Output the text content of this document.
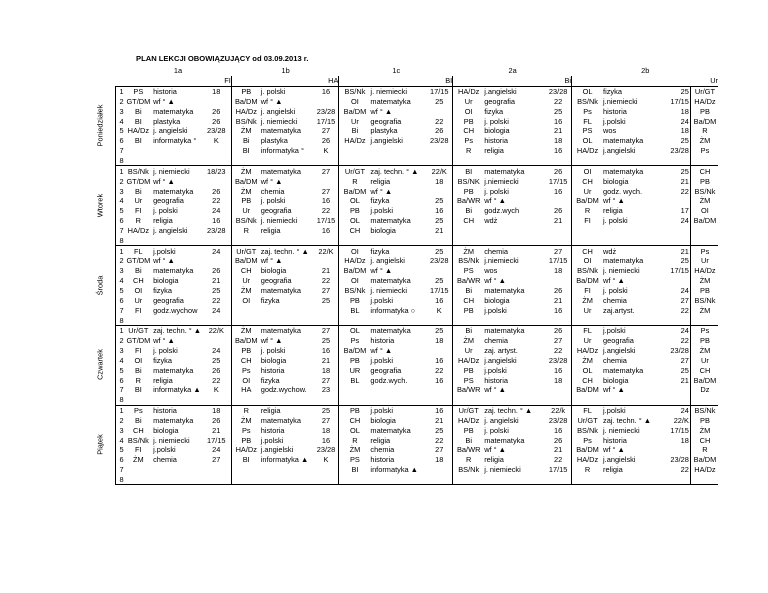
PLAN LEKCJI OBOWIĄZUJĄCY od 03.09.2013 r.
	1a			1b			1c			2a			2b			
	FI			HA			BI			Bi			Ur			
1	PS	historia	18	PB	j. polski	16	BS/Nk	j. niemiecki	17/15	HA/Dz	j.angielski	23/28	OL	fizyka	25	Ur/GT
2	GT/DM	wf ° ▲		Ba/DM	wf ° ▲		OI	matematyka	25	Ur	geografia	22	BS/Nk	j.niemiecki	17/15	HA/Dz
3	Bi	matematyka	26	HA/Dz	j. angielski	23/28	Ba/DM	wf ° ▲		OI	fizyka	25	Ps	historia	18	PB
4	BI	plastyka	26	BS/Nk	j. niemiecki	17/15	Ur	geografia	22	PB	j. polski	16	FL	j.polski	24	Ba/DM
5	HA/Dz	j. angielski	23/28	ŻM	matematyka	27	Bi	plastyka	26	CH	biologia	21	PS	wos	18	R
6	BI	informatyka °	K	Bi	plastyka	26	HA/Dz	j.angielski	23/28	Ps	historia	18	OL	matematyka	25	ŻM
7				BI	informatyka °	K				R	religia	16	HA/Dz	j.angielski	23/28	Ps
8																
1	BS/Nk	j. niemiecki	18/23	ŻM	matematyka	27	Ur/GT	zaj. techn. ° ▲	22/K	BI	matematyka	26	OI	matematyka	25	CH
2	GT/DM	wf ° ▲		Ba/DM	wf ° ▲		R	religia	18	BS/NK	j.niemiecki	17/15	CH	biologia	21	PB
3	Bi	matematyka	26	ŻM	chemia	27	Ba/DM	wf ° ▲		PB	j. polski	16	Ur	godz. wych.	22	BS/Nk
4	Ur	geografia	22	PB	j. polski	16	OL	fizyka	25	Ba/WR	wf ° ▲		Ba/DM	wf ° ▲		ŻM
5	FI	j. polski	24	Ur	geografia	22	PB	j.polski	16	Bi	godz.wych	26	R	religia	17	OI
6	R	religia	16	BS/Nk	j. niemiecki	17/15	OL	matematyka	25	CH	wdż	21	FI	j. polski	24	Ba/DM
7	HA/Dz	j. angielski	23/28	R	religia	16	CH	biologia	21							
8																
1	FL	j.polski	24	Ur/GT	zaj. techn. ° ▲	22/K	OI	fizyka	25	ŻM	chemia	27	CH	wdż	21	Ps
2	GT/DM	wf ° ▲		Ba/DM	wf ° ▲		HA/Dz	j. angielski	23/28	BS/Nk	j.niemiecki	17/15	OI	matematyka	25	Ur
3	Bi	matematyka	26	CH	biologia	21	Ba/DM	wf ° ▲		PS	wos	18	BS/Nk	j. niemiecki	17/15	HA/Dz
4	CH	biologia	21	Ur	geografia	22	OI	matematyka	25	Ba/WR	wf ° ▲		Ba/DM	wf ° ▲		ŻM
5	OI	fizyka	25	ŻM	matematyka	27	BS/Nk	j. niemiecki	17/15	Bi	matematyka	26	FI	j. polski	24	PB
6	Ur	geografia	22	OI	fizyka	25	PB	j.polski	16	CH	biologia	21	ŻM	chemia	27	BS/Nk
7	FI	godz.wychow	24				BL	informatyka ○	K	PB	j.polski	16	Ur	zaj.artyst.	22	ŻM
8																
1	Ur/GT	zaj. techn. ° ▲	22/K	ŻM	matematyka	27	OL	matematyka	25	Bi	matematyka	26	FL	j.polski	24	Ps
2	GT/DM	wf ° ▲		Ba/DM	wf ° ▲	25	Ps	historia	18	ŻM	chemia	27	Ur	geografia	22	PB
3	FI	j. polski	24	PB	j. polski	16	Ba/DM	wf ° ▲		Ur	zaj. artyst.	22	HA/Dz	j.angielski	23/28	ŻM
4	OI	fizyka	25	CH	biologia	21	PB	j.polski	16	HA/Dz	j.angielski	23/28	ŻM	chemia	27	Ur
5	Bi	matematyka	26	Ps	historia	18	UR	geografia	22	PB	j.polski	16	OL	matematyka	25	CH
6	R	religia	22	OI	fizyka	27	BL	godz.wych.	16	PS	historia	18	CH	biologia	21	Ba/DM
7	BI	informatyka ▲	K	HA	godz.wychow.	23				Ba/WR	wf ° ▲		Ba/DM	wf ° ▲		Dz
8																
1	Ps	historia	18	R	religia	25	PB	j.polski	16	Ur/GT	zaj. techn. ° ▲	22/k	FL	j.polski	24	BS/Nk
2	Bi	matematyka	26	ŻM	matematyka	27	CH	biologia	21	HA/Dz	j. angielski	23/28	Ur/GT	zaj. techn. ° ▲	22/K	PB
3	CH	biologia	21	Ps	historia	18	OL	matematyka	25	PB	j. polski	16	BS/Nk	j. niemiecki	17/15	ŻM
4	BS/Nk	j. niemiecki	17/15	PB	j.polski	16	R	religia	22	Bi	matematyka	26	Ps	historia	18	CH
5	FI	j.polski	24	HA/Dz	j.angielski	23/28	ŻM	chemia	27	Ba/WR	wf ° ▲	21	Ba/DM	wf ° ▲		R
6	ŻM	chemia	27	BI	informatyka ▲	K	PS	historia	18	R	religia	22	HA/Dz	j.angielski	23/28	Ba/DM
7							BI	informatyka ▲		BS/Nk	j. niemiecki	17/15	R	religia	22	HA/Dz
8																
Poniedziałek
Wtorek
Środa
Czwartek
Piątek
